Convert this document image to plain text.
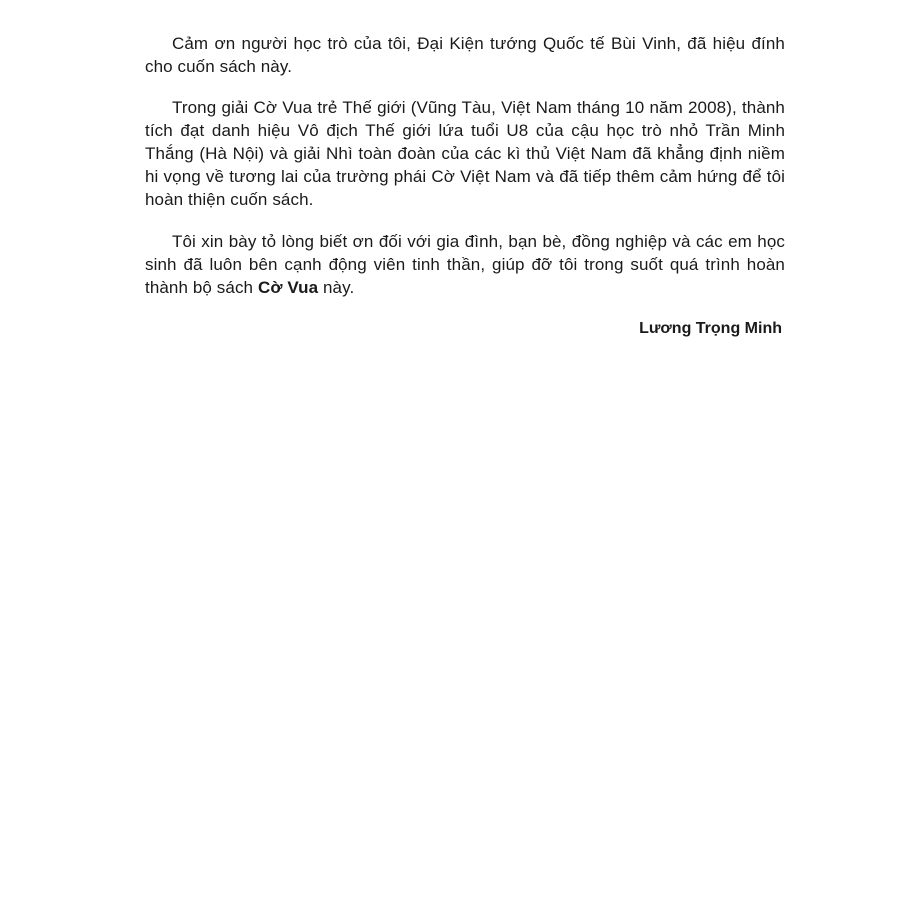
Cảm ơn người học trò của tôi, Đại Kiện tướng Quốc tế Bùi Vinh, đã hiệu đính cho cuốn sách này.

Trong giải Cờ Vua trẻ Thế giới (Vũng Tàu, Việt Nam tháng 10 năm 2008), thành tích đạt danh hiệu Vô địch Thế giới lứa tuổi U8 của cậu học trò nhỏ Trần Minh Thắng (Hà Nội) và giải Nhì toàn đoàn của các kì thủ Việt Nam đã khẳng định niềm hi vọng về tương lai của trường phái Cờ Việt Nam và đã tiếp thêm cảm hứng để tôi hoàn thiện cuốn sách.

Tôi xin bày tỏ lòng biết ơn đối với gia đình, bạn bè, đồng nghiệp và các em học sinh đã luôn bên cạnh động viên tinh thần, giúp đỡ tôi trong suốt quá trình hoàn thành bộ sách Cờ Vua này.

Lương Trọng Minh
